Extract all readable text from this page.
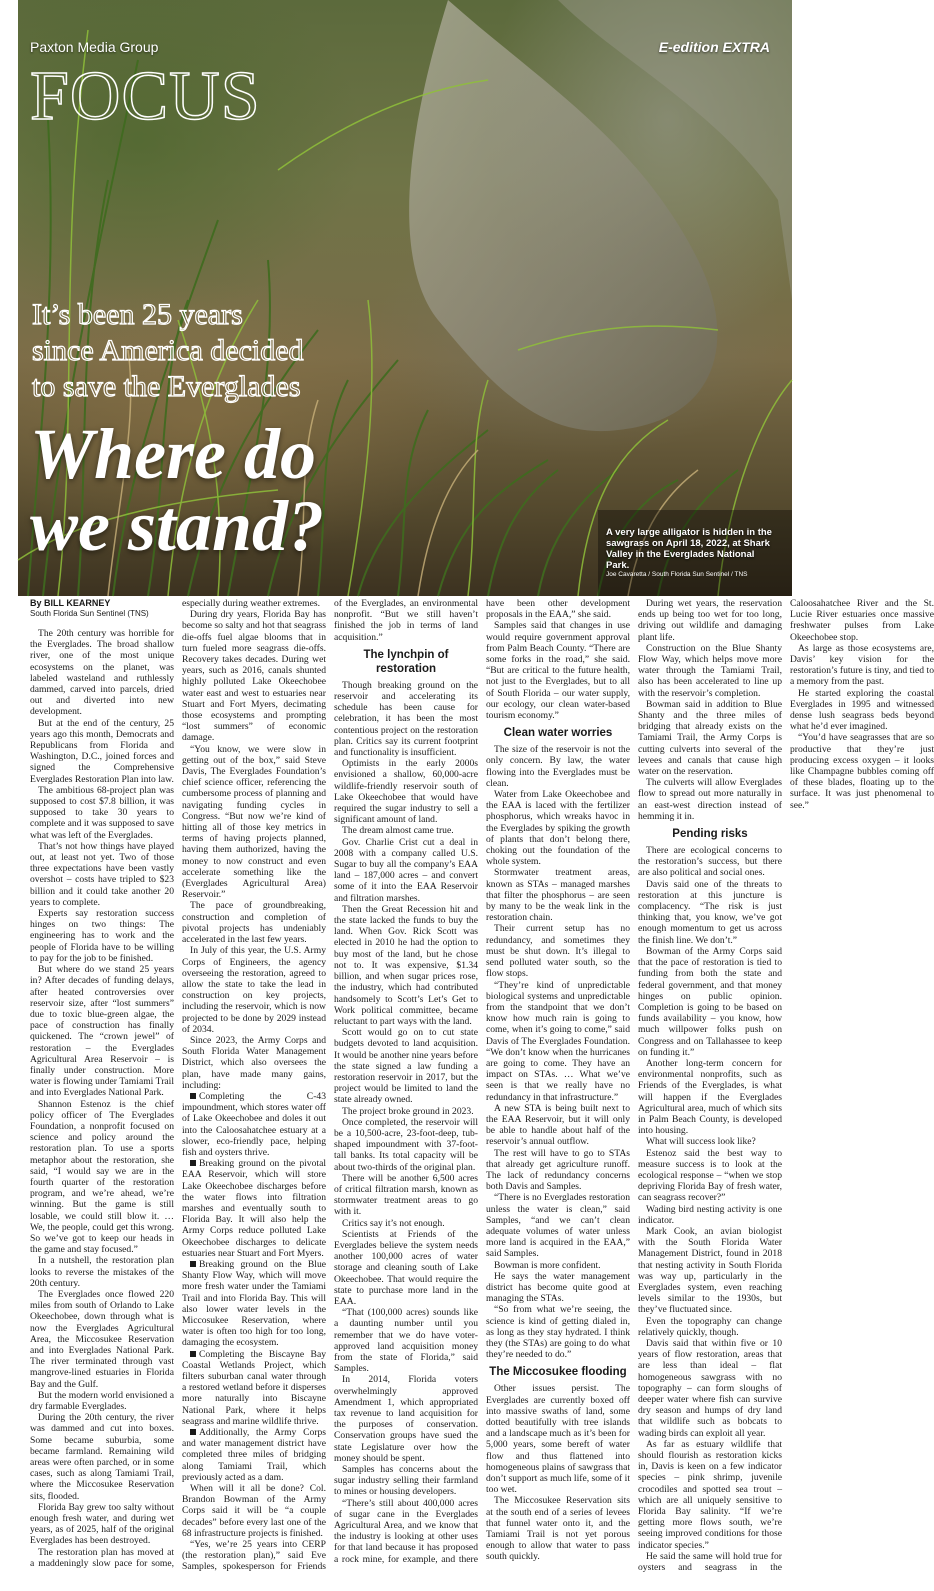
Paxton Media Group	E-edition EXTRA
FOCUS
It’s been 25 years
since America decided
to save the Everglades
Where do
we stand?	A very large alligator is hidden in the sawgrass on April 18, 2022, at Shark Valley in the Everglades National Park.
Joe Cavaretta / South Florida Sun Sentinel / TNS
By BILL KEARNEY
South Florida Sun Sentinel (TNS)

The 20th century was horrible for the Everglades. The broad shallow river, one of the most unique ecosystems on the planet, was labeled wasteland and ruthlessly dammed, carved into parcels, dried out and diverted into new development.

But at the end of the century, 25 years ago this month, Democrats and Republicans from Florida and Washington, D.C., joined forces and signed the Comprehensive Everglades Restoration Plan into law.

The ambitious 68-project plan was supposed to cost $7.8 billion, it was supposed to take 30 years to complete and it was supposed to save what was left of the Everglades.

That’s not how things have played out, at least not yet. Two of those three expectations have been vastly overshot – costs have tripled to $23 billion and it could take another 20 years to complete.

Experts say restoration success hinges on two things: The engineering has to work and the people of Florida have to be willing to pay for the job to be finished.

But where do we stand 25 years in? After decades of funding delays, after heated controversies over reservoir size, after “lost summers” due to toxic blue-green algae, the pace of construction has finally quickened. The “crown jewel” of restoration – the Everglades Agricultural Area Reservoir – is finally under construction. More water is flowing under Tamiami Trail and into Everglades National Park.

Shannon Estenoz is the chief policy officer of The Everglades Foundation, a nonprofit focused on science and policy around the restoration plan. To use a sports metaphor about the restoration, she said, “I would say we are in the fourth quarter of the restoration program, and we’re ahead, we’re winning. But the game is still losable, we could still blow it. … We, the people, could get this wrong. So we’ve got to keep our heads in the game and stay focused.”

In a nutshell, the restoration plan looks to reverse the mistakes of the 20th century.

The Everglades once flowed 220 miles from south of Orlando to Lake Okeechobee, down through what is now the Everglades Agricultural Area, the Miccosukee Reservation and into Everglades National Park. The river terminated through vast mangrove-lined estuaries in Florida Bay and the Gulf.

But the modern world envisioned a dry farmable Everglades.

During the 20th century, the river was dammed and cut into boxes. Some became suburbia, some became farmland. Remaining wild areas were often parched, or in some cases, such as along Tamiami Trail, where the Miccosukee Reservation sits, flooded.

Florida Bay grew too salty without enough fresh water, and during wet years, as of 2025, half of the original Everglades has been destroyed.

The restoration plan has moved at a maddeningly slow pace for some, especially during weather extremes.

During dry years, Florida Bay has become so salty and hot that seagrass die-offs fuel algae blooms that in turn fueled more seagrass die-offs. Recovery takes decades. During wet years, such as 2016, canals shunted highly polluted Lake Okeechobee water east and west to estuaries near Stuart and Fort Myers, decimating those ecosystems and prompting “lost summers” of economic damage.

“You know, we were slow in getting out of the box,” said Steve Davis, The Everglades Foundation’s chief science officer, referencing the cumbersome process of planning and navigating funding cycles in Congress. “But now we’re kind of hitting all of those key metrics in terms of having projects planned, having them authorized, having the money to now construct and even accelerate something like the (Everglades Agricultural Area) Reservoir.”

The pace of groundbreaking, construction and completion of pivotal projects has undeniably accelerated in the last few years.

In July of this year, the U.S. Army Corps of Engineers, the agency overseeing the restoration, agreed to allow the state to take the lead in construction on key projects, including the reservoir, which is now projected to be done by 2029 instead of 2034.

Since 2023, the Army Corps and South Florida Water Management District, which also oversees the plan, have made many gains, including:

Completing the C-43 impoundment, which stores water off of Lake Okeechobee and doles it out into the Caloosahatchee estuary at a slower, eco-friendly pace, helping fish and oysters thrive.

Breaking ground on the pivotal EAA Reservoir, which will store Lake Okeechobee discharges before the water flows into filtration marshes and eventually south to Florida Bay. It will also help the Army Corps reduce polluted Lake Okeechobee discharges to delicate estuaries near Stuart and Fort Myers.

Breaking ground on the Blue Shanty Flow Way, which will move more fresh water under the Tamiami Trail and into Florida Bay. This will also lower water levels in the Miccosukee Reservation, where water is often too high for too long, damaging the ecosystem.

Completing the Biscayne Bay Coastal Wetlands Project, which filters suburban canal water through a restored wetland before it disperses more naturally into Biscayne National Park, where it helps seagrass and marine wildlife thrive.

Additionally, the Army Corps and water management district have completed three miles of bridging along Tamiami Trail, which previously acted as a dam.

When will it all be done? Col. Brandon Bowman of the Army Corps said it will be “a couple decades” before every last one of the 68 infrastructure projects is finished.

“Yes, we’re 25 years into CERP (the restoration plan),” said Eve Samples, spokesperson for Friends of the Everglades, an environmental nonprofit. “But we still haven’t finished the job in terms of land acquisition.”

The lynchpin of restoration

Though breaking ground on the reservoir and accelerating its schedule has been cause for celebration, it has been the most contentious project on the restoration plan. Critics say its current footprint and functionality is insufficient.

Optimists in the early 2000s envisioned a shallow, 60,000-acre wildlife-friendly reservoir south of Lake Okeechobee that would have required the sugar industry to sell a significant amount of land.

The dream almost came true.

Gov. Charlie Crist cut a deal in 2008 with a company called U.S. Sugar to buy all the company’s EAA land – 187,000 acres – and convert some of it into the EAA Reservoir and filtration marshes.

Then the Great Recession hit and the state lacked the funds to buy the land. When Gov. Rick Scott was elected in 2010 he had the option to buy most of the land, but he chose not to. It was expensive, $1.34 billion, and when sugar prices rose, the industry, which had contributed handsomely to Scott’s Let’s Get to Work political committee, became reluctant to part ways with the land.

Scott would go on to cut state budgets devoted to land acquisition. It would be another nine years before the state signed a law funding a restoration reservoir in 2017, but the project would be limited to land the state already owned.

The project broke ground in 2023.

Once completed, the reservoir will be a 10,500-acre, 23-foot-deep, tub-shaped impoundment with 37-foot-tall banks. Its total capacity will be about two-thirds of the original plan.

There will be another 6,500 acres of critical filtration marsh, known as stormwater treatment areas to go with it.

Critics say it’s not enough.

Scientists at Friends of the Everglades believe the system needs another 100,000 acres of water storage and cleaning south of Lake Okeechobee. That would require the state to purchase more land in the EAA.

“That (100,000 acres) sounds like a daunting number until you remember that we do have voter-approved land acquisition money from the state of Florida,” said Samples.

In 2014, Florida voters overwhelmingly approved Amendment 1, which appropriated tax revenue to land acquisition for the purposes of conservation. Conservation groups have sued the state Legislature over how the money should be spent.

Samples has concerns about the sugar industry selling their farmland to mines or housing developers.

“There’s still about 400,000 acres of sugar cane in the Everglades Agricultural Area, and we know that the industry is looking at other uses for that land because it has proposed a rock mine, for example, and there have been other development proposals in the EAA,” she said.

Samples said that changes in use would require government approval from Palm Beach County. “There are some forks in the road,” she said. “But are critical to the future health, not just to the Everglades, but to all of South Florida – our water supply, our ecology, our clean water-based tourism economy.”

Clean water worries

The size of the reservoir is not the only concern. By law, the water flowing into the Everglades must be clean.

Water from Lake Okeechobee and the EAA is laced with the fertilizer phosphorus, which wreaks havoc in the Everglades by spiking the growth of plants that don’t belong there, choking out the foundation of the whole system.

Stormwater treatment areas, known as STAs – managed marshes that filter the phosphorus – are seen by many to be the weak link in the restoration chain.

Their current setup has no redundancy, and sometimes they must be shut down. It’s illegal to send polluted water south, so the flow stops.

“They’re kind of unpredictable biological systems and unpredictable from the standpoint that we don’t know how much rain is going to come, when it’s going to come,” said Davis of The Everglades Foundation. “We don’t know when the hurricanes are going to come. They have an impact on STAs. … What we’ve seen is that we really have no redundancy in that infrastructure.”

A new STA is being built next to the EAA Reservoir, but it will only be able to handle about half of the reservoir’s annual outflow.

The rest will have to go to STAs that already get agriculture runoff. The lack of redundancy concerns both Davis and Samples.

“There is no Everglades restoration unless the water is clean,” said Samples, “and we can’t clean adequate volumes of water unless more land is acquired in the EAA,” said Samples.

Bowman is more confident.

He says the water management district has become quite good at managing the STAs.

“So from what we’re seeing, the science is kind of getting dialed in, as long as they stay hydrated. I think they (the STAs) are going to do what they’re needed to do.”

The Miccosukee flooding

Other issues persist. The Everglades are currently boxed off into massive swaths of land, some dotted beautifully with tree islands and a landscape much as it’s been for 5,000 years, some bereft of water flow and thus flattened into homogeneous plains of sawgrass that don’t support as much life, some of it too wet.

The Miccosukee Reservation sits at the south end of a series of levees that funnel water onto it, and the Tamiami Trail is not yet porous enough to allow that water to pass south quickly.

During wet years, the reservation ends up being too wet for too long, driving out wildlife and damaging plant life.

Construction on the Blue Shanty Flow Way, which helps move more water through the Tamiami Trail, also has been accelerated to line up with the reservoir’s completion.

Bowman said in addition to Blue Shanty and the three miles of bridging that already exists on the Tamiami Trail, the Army Corps is cutting culverts into several of the levees and canals that cause high water on the reservation.

The culverts will allow Everglades flow to spread out more naturally in an east-west direction instead of hemming it in.

Pending risks

There are ecological concerns to the restoration’s success, but there are also political and social ones.

Davis said one of the threats to restoration at this juncture is complacency. “The risk is just thinking that, you know, we’ve got enough momentum to get us across the finish line. We don’t.”

Bowman of the Army Corps said that the pace of restoration is tied to funding from both the state and federal government, and that money hinges on public opinion. Completion is going to be based on funds availability – you know, how much willpower folks push on Congress and on Tallahassee to keep on funding it.”

Another long-term concern for environmental nonprofits, such as Friends of the Everglades, is what will happen if the Everglades Agricultural area, much of which sits in Palm Beach County, is developed into housing.

What will success look like?

Estenoz said the best way to measure success is to look at the ecological response – “when we stop depriving Florida Bay of fresh water, can seagrass recover?”

Wading bird nesting activity is one indicator.

Mark Cook, an avian biologist with the South Florida Water Management District, found in 2018 that nesting activity in South Florida was way up, particularly in the Everglades system, even reaching levels similar to the 1930s, but they’ve fluctuated since.

Even the topography can change relatively quickly, though.

Davis said that within five or 10 years of flow restoration, areas that are less than ideal – flat homogeneous sawgrass with no topography – can form sloughs of deeper water where fish can survive dry season and humps of dry land that wildlife such as bobcats to wading birds can exploit all year.

As far as estuary wildlife that should flourish as restoration kicks in, Davis is keen on a few indicator species – pink shrimp, juvenile crocodiles and spotted sea trout – which are all uniquely sensitive to Florida Bay salinity. “If we’re getting more flows south, we’re seeing improved conditions for those indicator species.”

He said the same will hold true for oysters and seagrass in the Caloosahatchee River and the St. Lucie River estuaries once massive freshwater pulses from Lake Okeechobee stop.

As large as those ecosystems are, Davis’ key vision for the restoration’s future is tiny, and tied to a memory from the past.

He started exploring the coastal Everglades in 1995 and witnessed dense lush seagrass beds beyond what he’d ever imagined.

“You’d have seagrasses that are so productive that they’re just producing excess oxygen – it looks like Champagne bubbles coming off of these blades, floating up to the surface. It was just phenomenal to see.”
